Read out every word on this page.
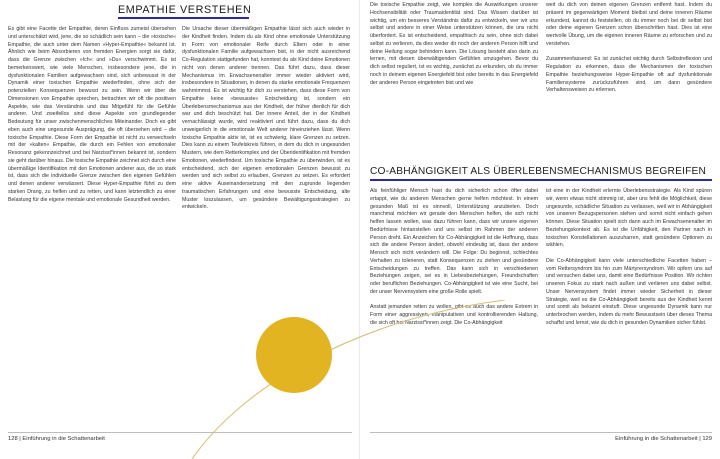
EMPATHIE VERSTEHEN

Es gibt eine Facette der Empathie, deren Einfluss zumeist übersehen und unterschätzt wird, jene, die so schädlich sein kann – die »toxische« Empathie, die auch unter dem Namen »Hyper-Empathie« bekannt ist. Ähnlich wie beim Absorbieren von fremden Energien sorgt sie dafür, dass die Grenze zwischen »Ich« und »Du« verschwimmt. Es ist bemerkenswert, wie viele Menschen, insbesondere jene, die in dysfunktionalen Familien aufgewachsen sind, sich unbewusst in der Dynamik einer toxischen Empathie wiederfinden, ohne sich der potenziellen Konsequenzen bewusst zu sein. Wenn wir über die Dimensionen von Empathie sprechen, betrachten wir oft die positiven Aspekte, wie das Verständnis und das Mitgefühl für die Gefühle anderer. Und zweifellos sind diese Aspekte von grundlegender Bedeutung für unser zwischenmenschliches Miteinander. Doch es gibt eben auch eine ungesunde Ausprägung, die oft übersehen wird – die toxische Empathie. Diese Form der Empathie ist nicht zu verwechseln mit der »kalten« Empathie, die durch ein Fehlen von emotionaler Resonanz gekennzeichnet und bei Narzisst*innen bekannt ist, sondern sie geht darüber hinaus. Die toxische Empathie zeichnet sich durch eine übermäßige Identifikation mit den Emotionen anderer aus, die so stark ist, dass sich die individuelle Grenze zwischen den eigenen Gefühlen und denen anderer verwässert. Diese Hyper-Empathie führt zu dem starken Drang, zu helfen und zu retten, und kann letztendlich zu einer Belastung für die eigene mentale und emotionale Gesundheit werden.

Die Ursache dieser übermäßigen Empathie lässt sich auch wieder in der Kindheit finden. Indem du als Kind ohne emotionale Unterstützung in Form von emotionaler Reife durch Eltern oder in einer dysfunktionalen Familie aufgewachsen bist, in der nicht ausreichend Co-Regulation stattgefunden hat, konntest du als Kind deine Emotionen nicht von denen anderer trennen. Das führt dazu, dass dieser Mechanismus im Erwachsenenalter immer wieder aktiviert wird, insbesondere in Situationen, in denen du starke emotionale Frequenzen wahrnimmst. Es ist wichtig für dich zu verstehen, dass diese Form von Empathie keine »bewusste« Entscheidung ist, sondern ein Überlebensmechanismus aus der Kindheit, der früher dienlich für dich war und dich beschützt hat. Der innere Anteil, der in der Kindheit vernachlässigt wurde, wird reaktiviert und führt dazu, dass du dich unweigerlich in die emotionale Welt anderer hineinziehen lässt. Wenn toxische Empathie aktiv ist, ist es schwierig, klare Grenzen zu setzen. Dies kann zu einem Teufelskreis führen, in dem du dich in ungesunden Mustern, wie dem Retterkomplex und der Überidentifikation mit fremden Emotionen, wiederfindest. Um toxische Empathie zu überwinden, ist es entscheidend, sich der eigenen emotionalen Grenzen bewusst zu werden und sich selbst zu erlauben, Grenzen zu setzen. Es erfordert eine aktive Auseinandersetzung mit den zugrunde liegenden traumatischen Erfahrungen und eine bewusste Entscheidung, alte Muster loszulassen, um gesündere Bewältigungsstrategien zu entwickeln.

128 | Einführung in die Schattenarbeit

Die toxische Empathie zeigt, wie komplex die Auswirkungen unserer Hochsensibilität oder Traumaidentität sind. Das Wissen darüber ist wichtig, um ein besseres Verständnis dafür zu entwickeln, wer wir uns selbst und andere in einer Weise unterstützen können, die uns nicht überfordert. Es ist entscheidend, empathisch zu sein, ohne sich dabei selbst zu verlieren, da dies weder dir noch der anderen Person hilft und deine Heilung sogar behindern kann. Die Lösung besteht also darin zu lernen, mit diesen überwältigenden Gefühlen umzugehen. Bevor du dich selbst reguliert, ist es wichtig, zunächst zu erkunden, ob du immer noch in deinem eigenen Energiefeld bist oder bereits in das Energiefeld der anderen Person eingetreten bist und wie

weit du dich von deinen eigenen Grenzen entfernt hast. Indem du präsent im gegenwärtigen Moment bleibst und deine inneren Räume erkundest, kannst du feststellen, ob du immer noch bei dir selbst bist oder deine eigenen Grenzen schon überschritten hast. Dies ist eine wertvolle Übung, um die eigenen inneren Räume zu erforschen und zu verstehen.

Zusammenfassend: Es ist zunächst wichtig durch Selbstreflexion und Regulation zu erkennen, dass die Mechanismen der toxischen Empathie beziehungsweise Hyper-Empathie oft auf dysfunktionale Familiensysteme zurückzuführen sind, um dann gesündere Verhaltensweisen zu erlernen.

CO-ABHÄNGIGKEIT ALS ÜBERLEBENSMECHANISMUS BEGREIFEN

Als feinfühliger Mensch hast du dich sicherlich schon öfter dabei ertappt, wie du anderen Menschen gerne helfen möchtest. In einem gesunden Maß ist es sinnvoll, Unterstützung anzubieten. Doch manchmal möchten wir gerade den Menschen helfen, die sich nicht helfen lassen wollen, was dazu führen kann, dass wir unsere eigenen Bedürfnisse hintanstellen und uns selbst im Rahmen der anderen Person dreht. Ein Anzeichen für Co-Abhängigkeit ist die Hoffnung, dass sich die andere Person ändert, obwohl eindeutig ist, dass der andere Mensch sich nicht verändern will. Die Folge: Du beginnst, schlechtes Verhalten zu tolerieren, statt Konsequenzen zu ziehen und gesündere Entscheidungen zu treffen. Das kann sich in verschiedenen Beziehungen zeigen, sei es in Liebesbeziehungen, Freundschaften oder beruflichen Beziehungen. Co-Abhängigkeit ist wie eine Sucht, bei der unser Nervensystem eine große Rolle spielt.

Anstatt jemanden retten zu wollen, gibt es auch das andere Extrem in Form einer aggressiven, manipulativen und kontrollierenden Haltung, die sich oft bei Narzisst*innen zeigt. Die Co-Abhängigkeit

ist eine in der Kindheit erlernte Überlebensstrategie. Als Kind spüren wir, wenn etwas nicht stimmig ist, aber uns fehlt die Möglichkeit, diese ungesunde, schädliche Situation zu verlassen, weil wir in Abhängigkeit von unseren Bezugspersonen stehen und somit nicht einfach gehen können. Diese Situation spielt sich dann auch im Erwachsenenalter im Beziehungskontext ab. Es ist die Unfähigkeit, den Partner nach in toxischen Konstellationen auszuharren, statt gesündere Optionen zu wählen.

Die Co-Abhängigkeit kann viele unterschiedliche Facetten haben – vom Rettersyndrom bis hin zum Märtyrersyndrom. Wir opfern uns auf und versuchen dabei uns, damit eine Bedürfnisse Position. Wir richten unseren Fokus zu stark nach außen und verlieren uns dabei selbst. Unser Nervensystem findet immer wieder Sicherheit in dieser Strategie, weil es die Co-Abhängigkeit bereits aus der Kindheit kennt und somit als bekannt einstuft. Diese ungesunde Dynamik kann nur unterbrochen werden, indem du mehr Bewusstsein über dieses Thema schaffst und lernst, wie du dich in gesunden Dynamiken sicher fühlst.

Einführung in die Schattenarbeit | 129
